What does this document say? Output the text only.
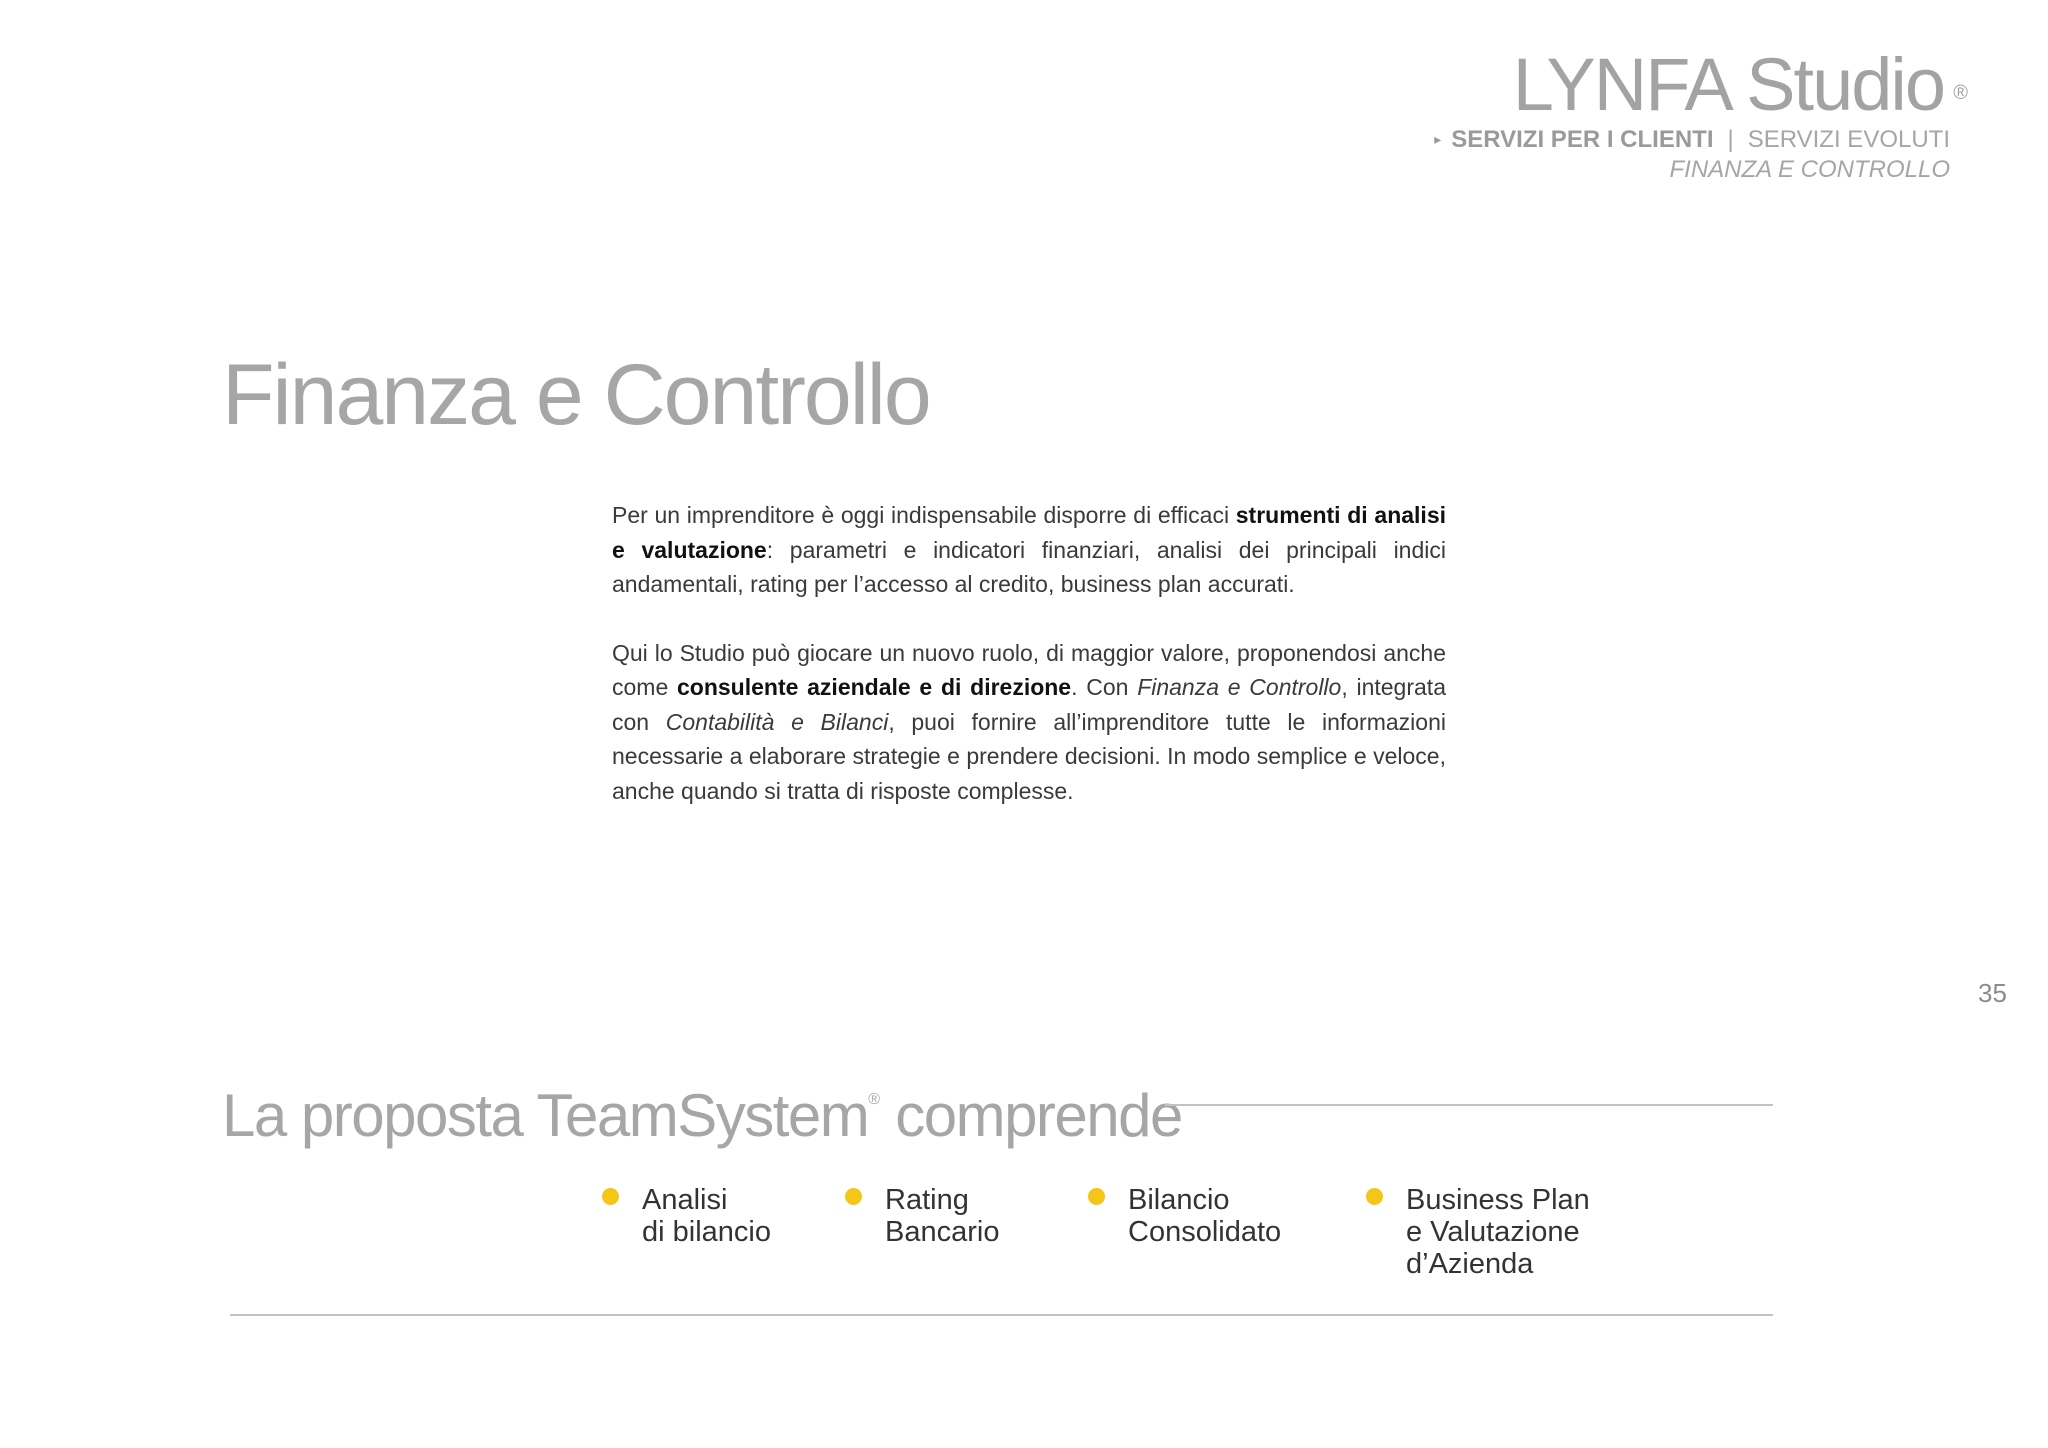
LYNFA Studio ®
▸ SERVIZI PER I CLIENTI | SERVIZI EVOLUTI
FINANZA E CONTROLLO
Finanza e Controllo

Per un imprenditore è oggi indispensabile disporre di efficaci strumenti di analisi e valutazione: parametri e indicatori finanziari, analisi dei principali indici andamentali, rating per l’accesso al credito, business plan accurati.

Qui lo Studio può giocare un nuovo ruolo, di maggior valore, proponendosi anche come consulente aziendale e di direzione. Con Finanza e Controllo, integrata con Contabilità e Bilanci, puoi fornire all’imprenditore tutte le informazioni necessarie a elaborare strategie e prendere decisioni. In modo semplice e veloce, anche quando si tratta di risposte complesse.

35
La proposta TeamSystem® comprende
Analisi
di bilancio
Rating
Bancario
Bilancio
Consolidato
Business Plan
e Valutazione
d’Azienda
